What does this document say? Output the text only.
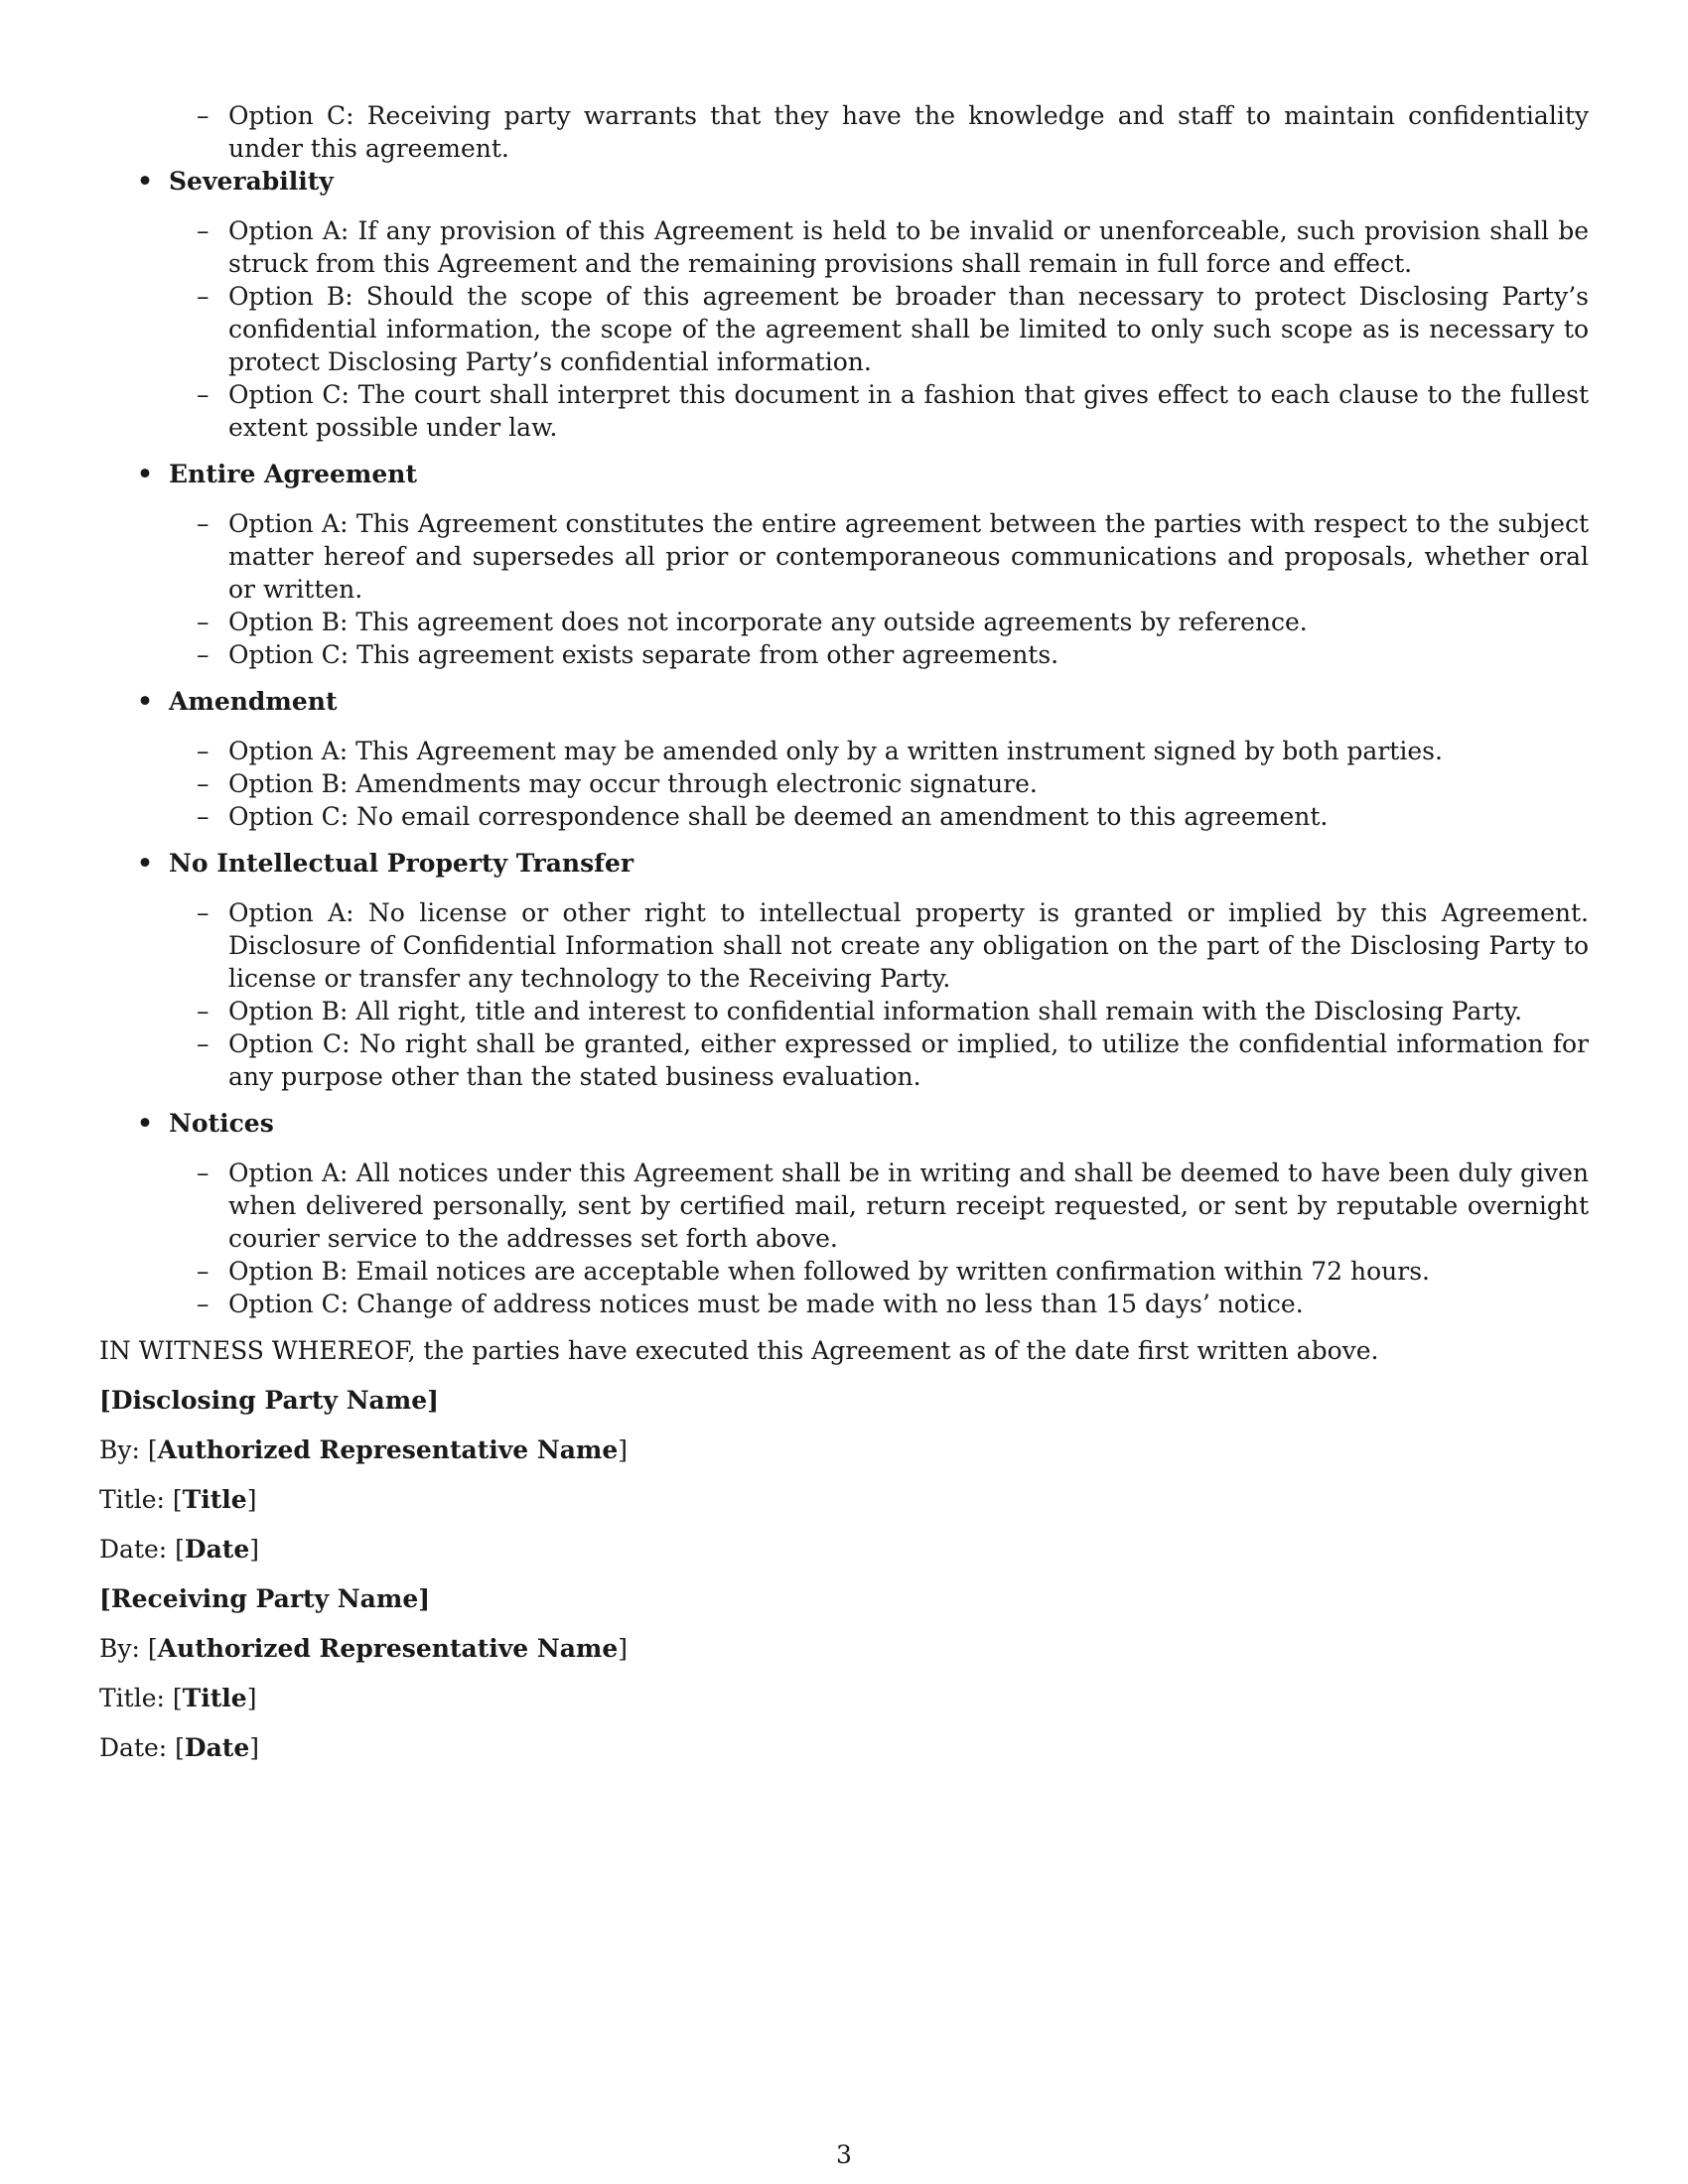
– Option C: Receiving party warrants that they have the knowledge and staff to maintain confidentiality under this agreement.

• Severability

– Option A: If any provision of this Agreement is held to be invalid or unenforceable, such provision shall be struck from this Agreement and the remaining provisions shall remain in full force and effect.

– Option B: Should the scope of this agreement be broader than necessary to protect Disclosing Party’s confidential information, the scope of the agreement shall be limited to only such scope as is necessary to protect Disclosing Party’s confidential information.

– Option C: The court shall interpret this document in a fashion that gives effect to each clause to the fullest extent possible under law.

• Entire Agreement

– Option A: This Agreement constitutes the entire agreement between the parties with respect to the subject matter hereof and supersedes all prior or contemporaneous communications and proposals, whether oral or written.

– Option B: This agreement does not incorporate any outside agreements by reference.

– Option C: This agreement exists separate from other agreements.

• Amendment

– Option A: This Agreement may be amended only by a written instrument signed by both parties.

– Option B: Amendments may occur through electronic signature.

– Option C: No email correspondence shall be deemed an amendment to this agreement.

• No Intellectual Property Transfer

– Option A: No license or other right to intellectual property is granted or implied by this Agreement. Disclosure of Confidential Information shall not create any obligation on the part of the Disclosing Party to license or transfer any technology to the Receiving Party.

– Option B: All right, title and interest to confidential information shall remain with the Disclosing Party.

– Option C: No right shall be granted, either expressed or implied, to utilize the confidential information for any purpose other than the stated business evaluation.

• Notices

– Option A: All notices under this Agreement shall be in writing and shall be deemed to have been duly given when delivered personally, sent by certified mail, return receipt requested, or sent by reputable overnight courier service to the addresses set forth above.

– Option B: Email notices are acceptable when followed by written confirmation within 72 hours.

– Option C: Change of address notices must be made with no less than 15 days’ notice.

IN WITNESS WHEREOF, the parties have executed this Agreement as of the date first written above.

[Disclosing Party Name]

By: [Authorized Representative Name]

Title: [Title]

Date: [Date]

[Receiving Party Name]

By: [Authorized Representative Name]

Title: [Title]

Date: [Date]

3
